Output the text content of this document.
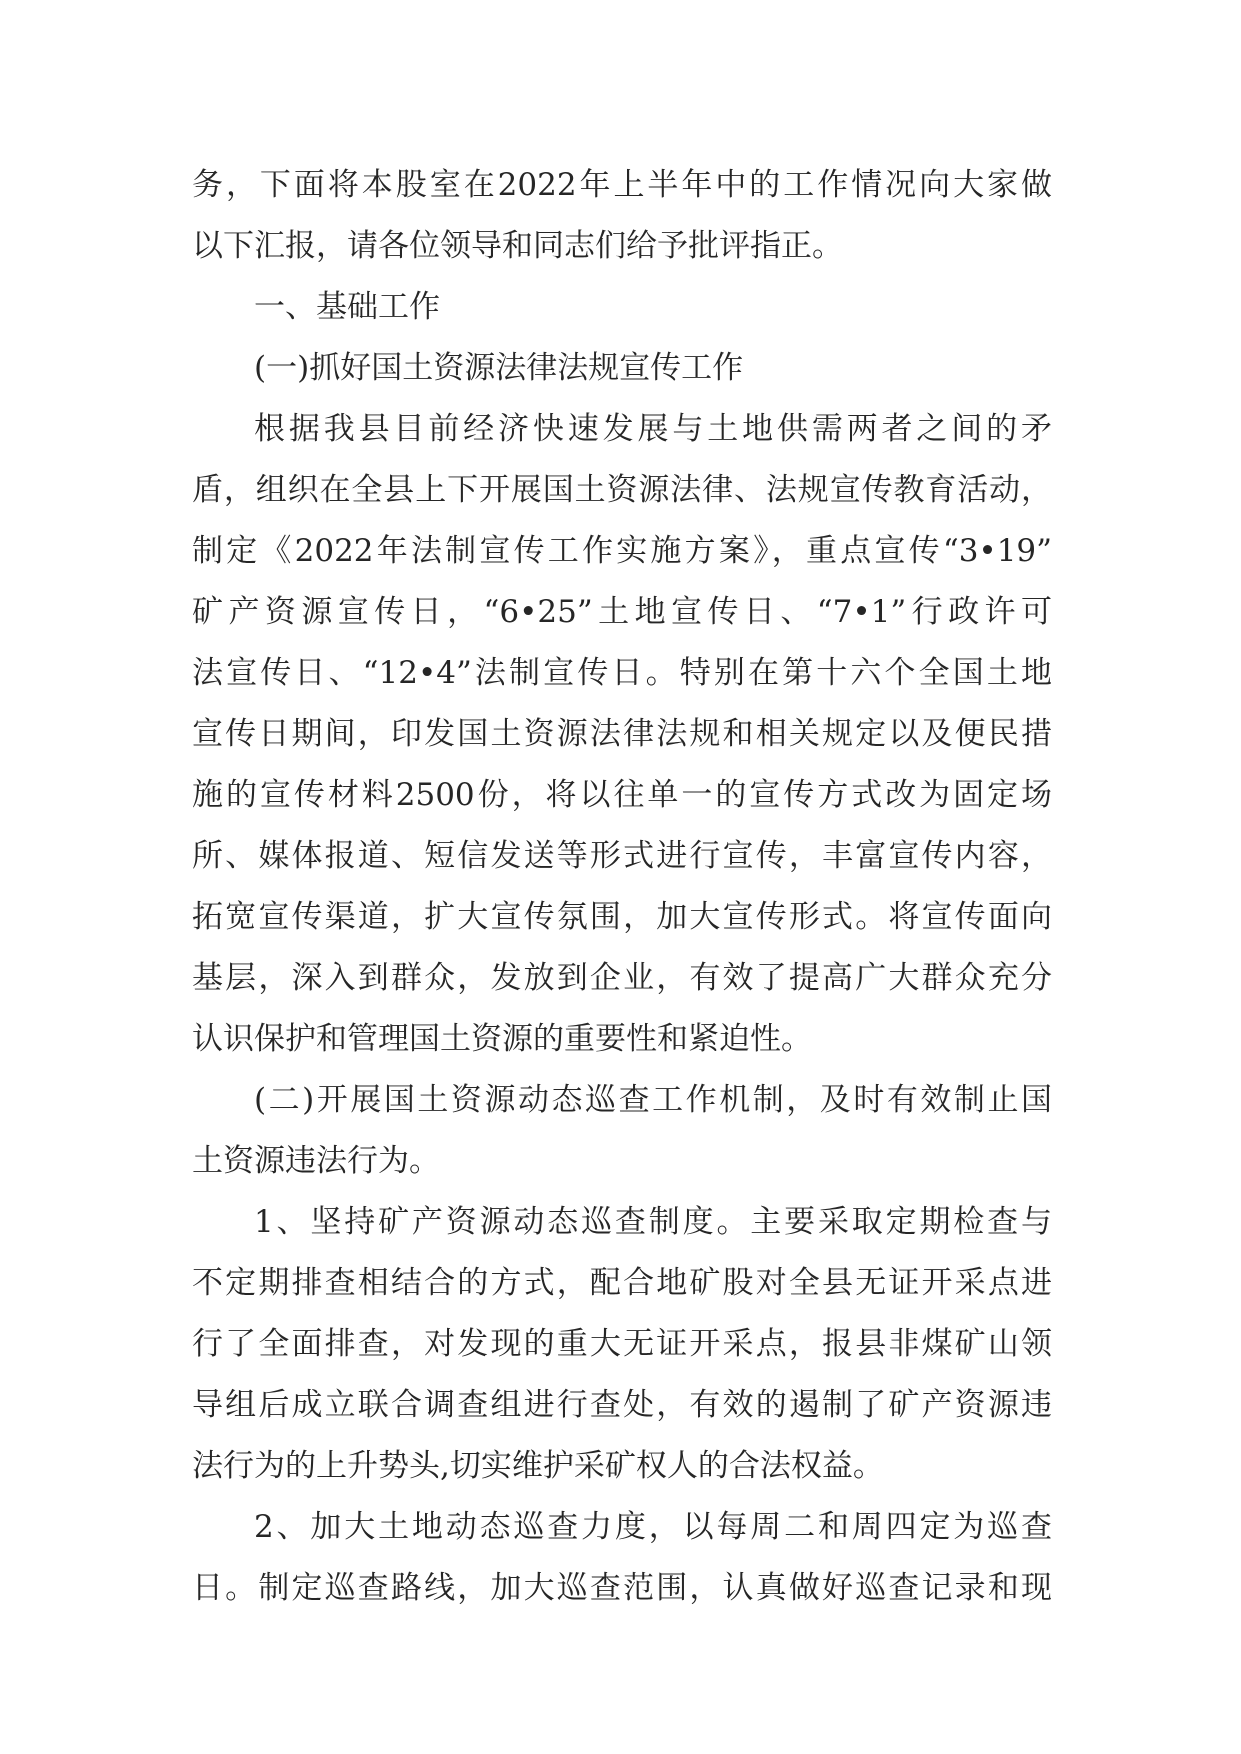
务，下面将本股室在2022年上半年中的工作情况向大家做
以下汇报，请各位领导和同志们给予批评指正。
一、基础工作
(一)抓好国土资源法律法规宣传工作
根据我县目前经济快速发展与土地供需两者之间的矛
盾，组织在全县上下开展国土资源法律、法规宣传教育活动，
制定《2022年法制宣传工作实施方案》，重点宣传“3•19”
矿产资源宣传日，“6•25”土地宣传日、“7•1”行政许可
法宣传日、“12•4”法制宣传日。特别在第十六个全国土地
宣传日期间，印发国土资源法律法规和相关规定以及便民措
施的宣传材料2500份，将以往单一的宣传方式改为固定场
所、媒体报道、短信发送等形式进行宣传，丰富宣传内容，
拓宽宣传渠道，扩大宣传氛围，加大宣传形式。将宣传面向
基层，深入到群众，发放到企业，有效了提高广大群众充分
认识保护和管理国土资源的重要性和紧迫性。
(二)开展国土资源动态巡查工作机制，及时有效制止国
土资源违法行为。
1、坚持矿产资源动态巡查制度。主要采取定期检查与
不定期排查相结合的方式，配合地矿股对全县无证开采点进
行了全面排查，对发现的重大无证开采点，报县非煤矿山领
导组后成立联合调查组进行查处，有效的遏制了矿产资源违
法行为的上升势头,切实维护采矿权人的合法权益。
2、加大土地动态巡查力度，以每周二和周四定为巡查
日。制定巡查路线，加大巡查范围，认真做好巡查记录和现
